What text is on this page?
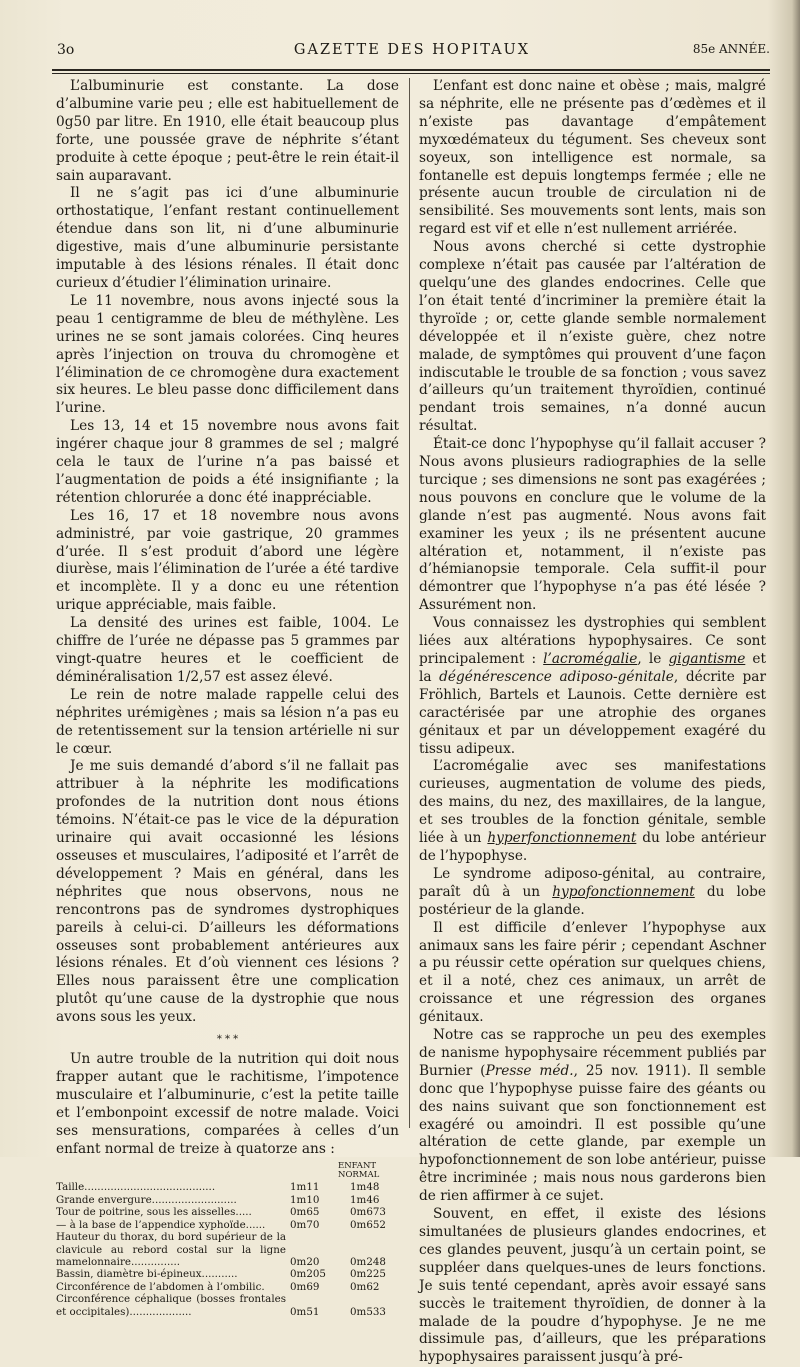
3o	GAZETTE DES HOPITAUX	85e ANNÉE.

L’albuminurie est constante. La dose d’albumine varie peu ; elle est habituellement de 0g50 par litre. En 1910, elle était beaucoup plus forte, une poussée grave de néphrite s’étant produite à cette époque ; peut-être le rein était-il sain auparavant.

Il ne s’agit pas ici d’une albuminurie orthostatique, l’enfant restant continuellement étendue dans son lit, ni d’une albuminurie digestive, mais d’une albuminurie persistante imputable à des lésions rénales. Il était donc curieux d’étudier l’élimination urinaire.

Le 11 novembre, nous avons injecté sous la peau 1 centigramme de bleu de méthylène. Les urines ne se sont jamais colorées. Cinq heures après l’injection on trouva du chromogène et l’élimination de ce chromogène dura exactement six heures. Le bleu passe donc difficilement dans l’urine.

Les 13, 14 et 15 novembre nous avons fait ingérer chaque jour 8 grammes de sel ; malgré cela le taux de l’urine n’a pas baissé et l’augmentation de poids a été insignifiante ; la rétention chlorurée a donc été inappréciable.

Les 16, 17 et 18 novembre nous avons administré, par voie gastrique, 20 grammes d’urée. Il s’est produit d’abord une légère diurèse, mais l’élimination de l’urée a été tardive et incomplète. Il y a donc eu une rétention urique appréciable, mais faible.

La densité des urines est faible, 1004. Le chiffre de l’urée ne dépasse pas 5 grammes par vingt-quatre heures et le coefficient de déminéralisation 1/2,57 est assez élevé.

Le rein de notre malade rappelle celui des néphrites urémigènes ; mais sa lésion n’a pas eu de retentissement sur la tension artérielle ni sur le cœur.

Je me suis demandé d’abord s’il ne fallait pas attribuer à la néphrite les modifications profondes de la nutrition dont nous étions témoins. N’était-ce pas le vice de la dépuration urinaire qui avait occasionné les lésions osseuses et musculaires, l’adiposité et l’arrêt de développement ? Mais en général, dans les néphrites que nous observons, nous ne rencontrons pas de syndromes dystrophiques pareils à celui-ci. D’ailleurs les déformations osseuses sont probablement antérieures aux lésions rénales. Et d’où viennent ces lésions ? Elles nous paraissent être une complication plutôt qu’une cause de la dystrophie que nous avons sous les yeux.

* * *

Un autre trouble de la nutrition qui doit nous frapper autant que le rachitisme, l’impotence musculaire et l’albuminurie, c’est la petite taille et l’embonpoint excessif de notre malade. Voici ses mensurations, comparées à celles d’un enfant normal de treize à quatorze ans :

		ENFANT NORMAL
Taille........................................	1m11	1m48
Grande envergure..........................	1m10	1m46
Tour de poitrine, sous les aisselles.....	0m65	0m673
— à la base de l’appendice xyphoïde......	0m70	0m652
Hauteur du thorax, du bord supérieur de la clavicule au rebord costal sur la ligne mamelonnaire...............	0m20	0m248
Bassin, diamètre bi-épineux...........	0m205	0m225
Circonférence de l’abdomen à l’ombilic.	0m69	0m62
Circonférence céphalique (bosses frontales et occipitales)...................	0m51	0m533

L’enfant est donc naine et obèse ; mais, malgré sa néphrite, elle ne présente pas d’œdèmes et il n’existe pas davantage d’empâtement myxœdémateux du tégument. Ses cheveux sont soyeux, son intelligence est normale, sa fontanelle est depuis longtemps fermée ; elle ne présente aucun trouble de circulation ni de sensibilité. Ses mouvements sont lents, mais son regard est vif et elle n’est nullement arriérée.

Nous avons cherché si cette dystrophie complexe n’était pas causée par l’altération de quelqu’une des glandes endocrines. Celle que l’on était tenté d’incriminer la première était la thyroïde ; or, cette glande semble normalement développée et il n’existe guère, chez notre malade, de symptômes qui prouvent d’une façon indiscutable le trouble de sa fonction ; vous savez d’ailleurs qu’un traitement thyroïdien, continué pendant trois semaines, n’a donné aucun résultat.

Était-ce donc l’hypophyse qu’il fallait accuser ? Nous avons plusieurs radiographies de la selle turcique ; ses dimensions ne sont pas exagérées ; nous pouvons en conclure que le volume de la glande n’est pas augmenté. Nous avons fait examiner les yeux ; ils ne présentent aucune altération et, notamment, il n’existe pas d’hémianopsie temporale. Cela suffit-il pour démontrer que l’hypophyse n’a pas été lésée ? Assurément non.

Vous connaissez les dystrophies qui semblent liées aux altérations hypophysaires. Ce sont principalement : l’acromégalie, le gigantisme et la dégénérescence adiposo-génitale, décrite par Fröhlich, Bartels et Launois. Cette dernière est caractérisée par une atrophie des organes génitaux et par un développement exagéré du tissu adipeux.

L’acromégalie avec ses manifestations curieuses, augmentation de volume des pieds, des mains, du nez, des maxillaires, de la langue, et ses troubles de la fonction génitale, semble liée à un hyperfonctionnement du lobe antérieur de l’hypophyse.

Le syndrome adiposo-génital, au contraire, paraît dû à un hypofonctionnement du lobe postérieur de la glande.

Il est difficile d’enlever l’hypophyse aux animaux sans les faire périr ; cependant Aschner a pu réussir cette opération sur quelques chiens, et il a noté, chez ces animaux, un arrêt de croissance et une régression des organes génitaux.

Notre cas se rapproche un peu des exemples de nanisme hypophysaire récemment publiés par Burnier (Presse méd., 25 nov. 1911). Il semble donc que l’hypophyse puisse faire des géants ou des nains suivant que son fonctionnement est exagéré ou amoindri. Il est possible qu’une altération de cette glande, par exemple un hypofonctionnement de son lobe antérieur, puisse être incriminée ; mais nous nous garderons bien de rien affirmer à ce sujet.

Souvent, en effet, il existe des lésions simultanées de plusieurs glandes endocrines, et ces glandes peuvent, jusqu’à un certain point, se suppléer dans quelques-unes de leurs fonctions. Je suis tenté cependant, après avoir essayé sans succès le traitement thyroïdien, de donner à la malade de la poudre d’hypophyse. Je ne me dissimule pas, d’ailleurs, que les préparations hypophysaires paraissent jusqu’à pré-
